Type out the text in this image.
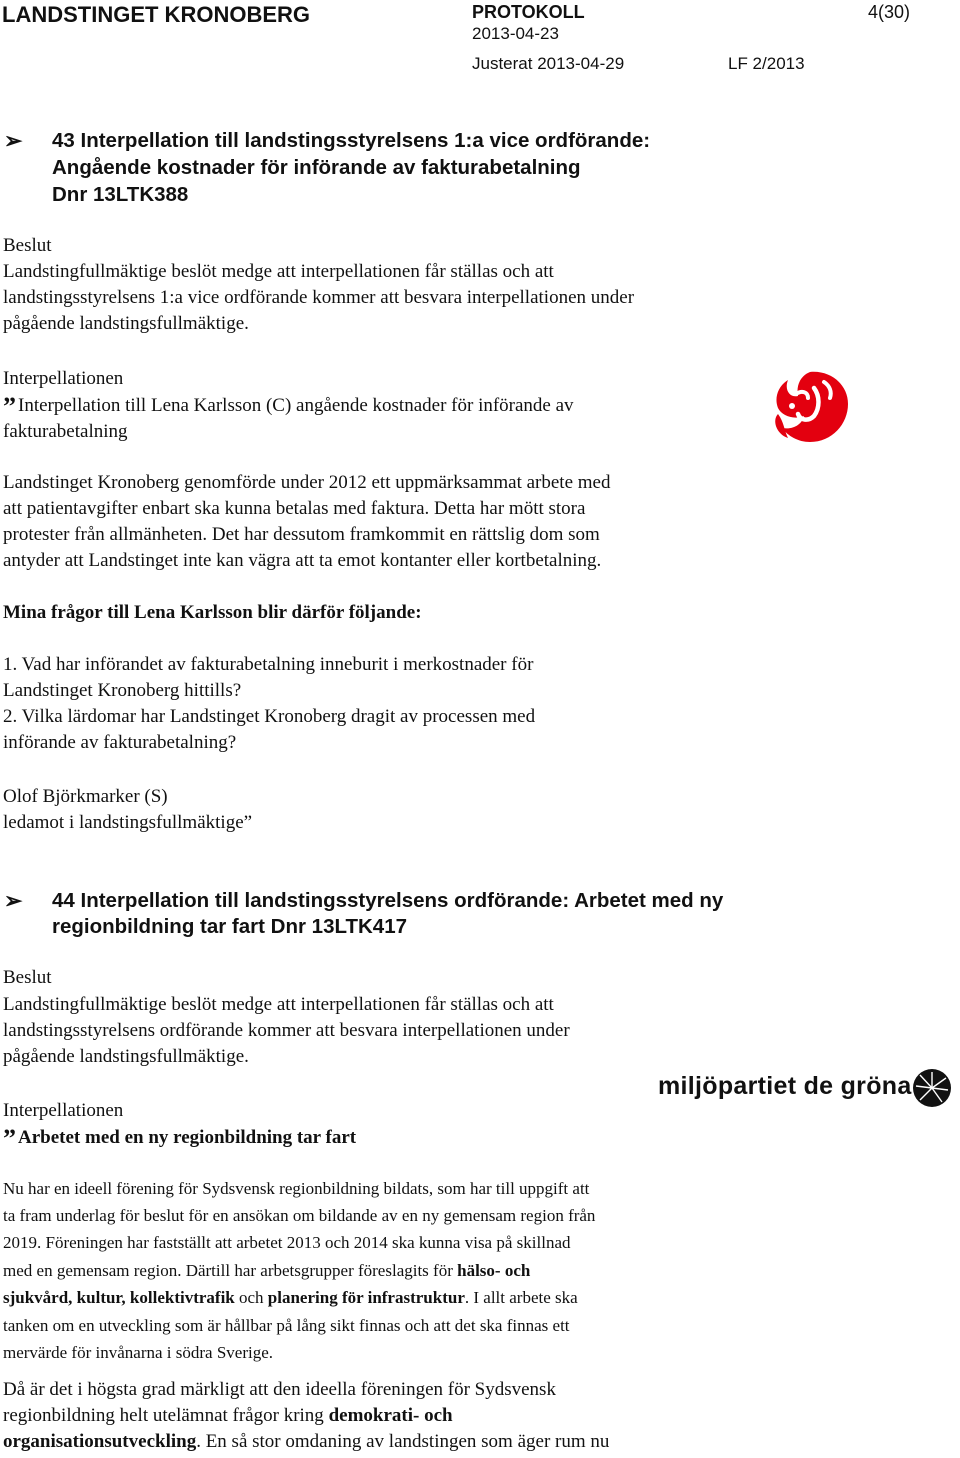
LANDSTINGET KRONOBERG	PROTOKOLL	4(30)
2013-04-23
Justerat 2013-04-29	LF 2/2013
➢ 43 Interpellation till landstingsstyrelsens 1:a vice ordförande:
Angående kostnader för införande av fakturabetalning
Dnr 13LTK388
Beslut
Landstingfullmäktige beslöt medge att interpellationen får ställas och att
landstingsstyrelsens 1:a vice ordförande kommer att besvara interpellationen under
pågående landstingsfullmäktige.
Interpellationen
” Interpellation till Lena Karlsson (C) angående kostnader för införande av
fakturabetalning
Landstinget Kronoberg genomförde under 2012 ett uppmärksammat arbete med
att patientavgifter enbart ska kunna betalas med faktura. Detta har mött stora
protester från allmänheten. Det har dessutom framkommit en rättslig dom som
antyder att Landstinget inte kan vägra att ta emot kontanter eller kortbetalning.
Mina frågor till Lena Karlsson blir därför följande:
1. Vad har införandet av fakturabetalning inneburit i merkostnader för
Landstinget Kronoberg hittills?
2. Vilka lärdomar har Landstinget Kronoberg dragit av processen med
införande av fakturabetalning?
Olof Björkmarker (S)
ledamot i landstingsfullmäktige”
➢ 44 Interpellation till landstingsstyrelsens ordförande: Arbetet med ny
regionbildning tar fart Dnr 13LTK417
Beslut
Landstingfullmäktige beslöt medge att interpellationen får ställas och att
landstingsstyrelsens ordförande kommer att besvara interpellationen under
pågående landstingsfullmäktige.
Interpellationen
” Arbetet med en ny regionbildning tar fart
miljöpartiet de gröna
Nu har en ideell förening för Sydsvensk regionbildning bildats, som har till uppgift att
ta fram underlag för beslut för en ansökan om bildande av en ny gemensam region från
2019. Föreningen har fastställt att arbetet 2013 och 2014 ska kunna visa på skillnad
med en gemensam region. Därtill har arbetsgrupper föreslagits för hälso- och
sjukvård, kultur, kollektivtrafik och planering för infrastruktur. I allt arbete ska
tanken om en utveckling som är hållbar på lång sikt finnas och att det ska finnas ett
mervärde för invånarna i södra Sverige.
Då är det i högsta grad märkligt att den ideella föreningen för Sydsvensk
regionbildning helt utelämnat frågor kring demokrati- och
organisationsutveckling. En så stor omdaning av landstingen som äger rum nu
